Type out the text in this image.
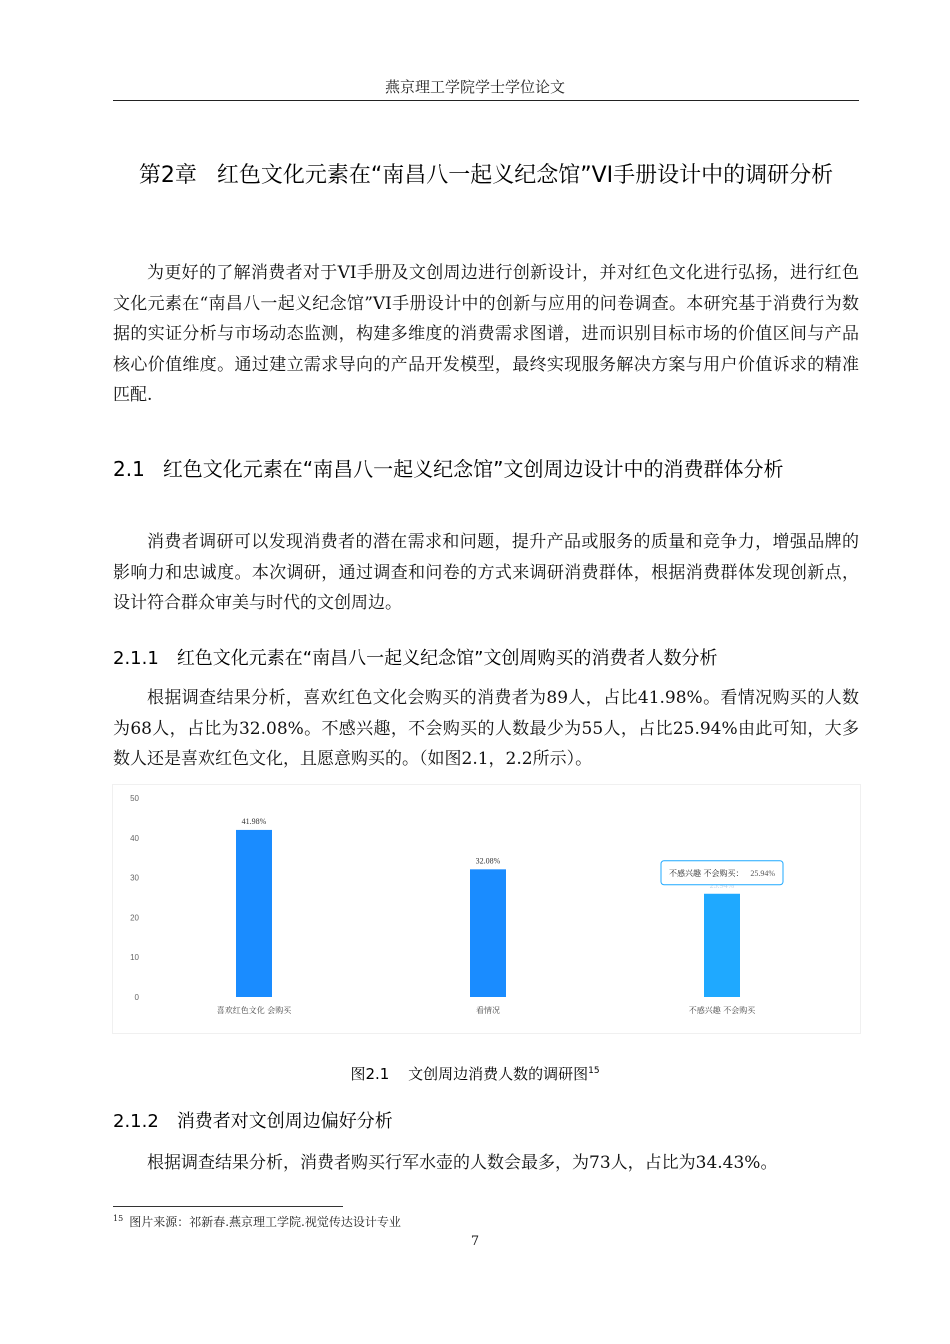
燕京理工学院学士学位论文
第2章 红色文化元素在“南昌八一起义纪念馆”VI手册设计中的调研分析
为更好的了解消费者对于VI手册及文创周边进行创新设计，并对红色文化进行弘扬，进行红色文化元素在“南昌八一起义纪念馆”VI手册设计中的创新与应用的问卷调查。本研究基于消费行为数据的实证分析与市场动态监测，构建多维度的消费需求图谱，进而识别目标市场的价值区间与产品核心价值维度。通过建立需求导向的产品开发模型，最终实现服务解决方案与用户价值诉求的精准匹配.
2.1 红色文化元素在“南昌八一起义纪念馆”文创周边设计中的消费群体分析
消费者调研可以发现消费者的潜在需求和问题，提升产品或服务的质量和竞争力，增强品牌的影响力和忠诚度。本次调研，通过调查和问卷的方式来调研消费群体，根据消费群体发现创新点，设计符合群众审美与时代的文创周边。
2.1.1 红色文化元素在“南昌八一起义纪念馆”文创周购买的消费者人数分析
根据调查结果分析，喜欢红色文化会购买的消费者为89人，占比41.98%。看情况购买的人数为68人，占比为32.08%。不感兴趣，不会购买的人数最少为55人，占比25.94%由此可知，大多数人还是喜欢红色文化，且愿意购买的。（如图2.1，2.2所示）。
0
10
20
30
40
50
41.98%
喜欢红色文化 会购买
32.08%
看情况
不感兴趣 不会购买： 25.94%
不感兴趣 不会购买
图2.1 文创周边消费人数的调研图$^{15}$
2.1.2 消费者对文创周边偏好分析
根据调查结果分析，消费者购买行军水壶的人数会最多，为73人，占比为34.43%。
$^{15}$ 图片来源：祁新春.燕京理工学院.视觉传达设计专业
7
